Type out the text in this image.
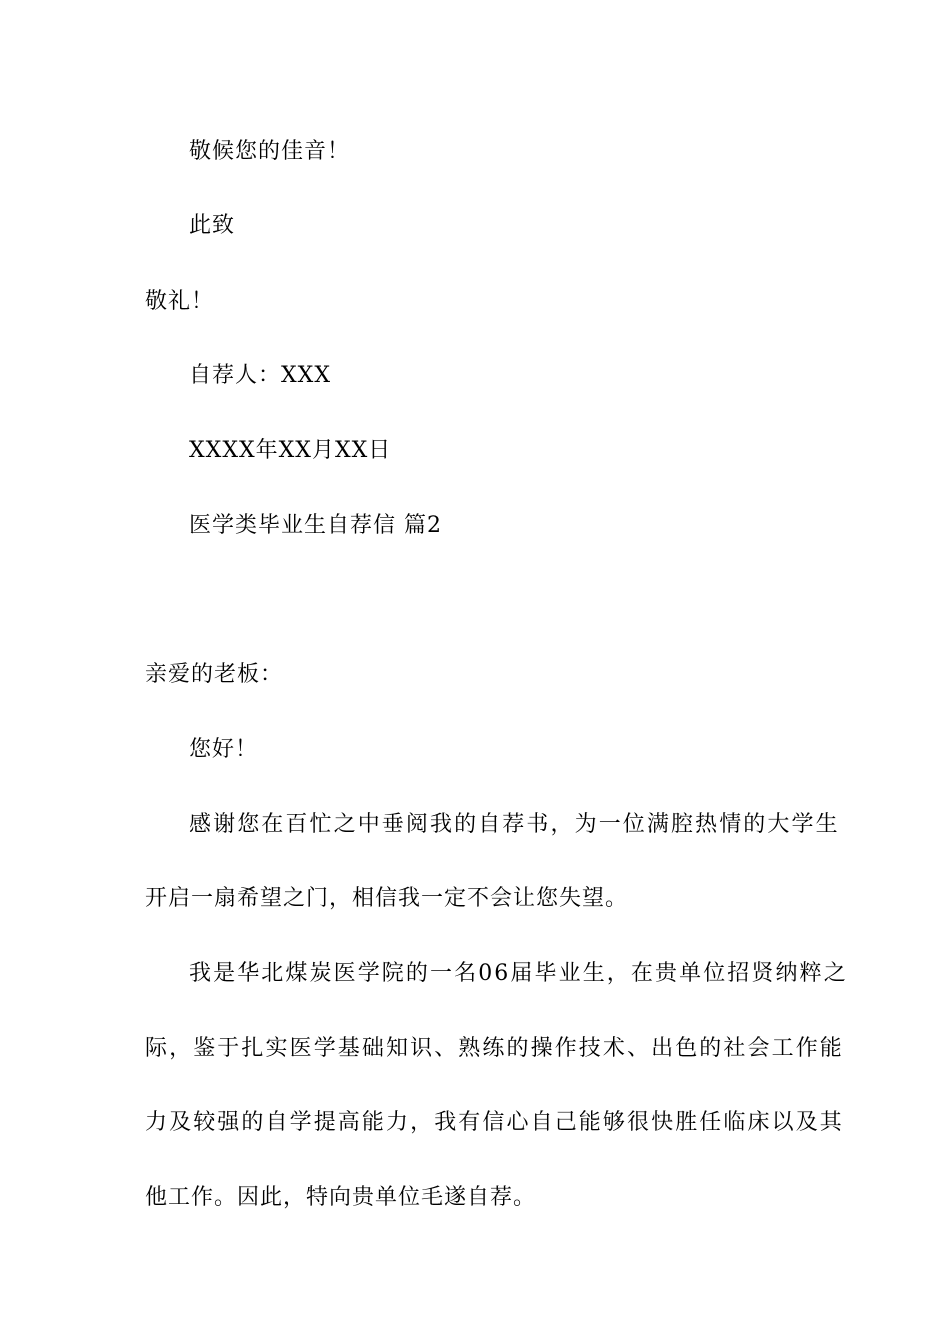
敬候您的佳音！
此致
敬礼！
自荐人：XXX
XXXX年XX月XX日
医学类毕业生自荐信 篇2
亲爱的老板：
您好！
感谢您在百忙之中垂阅我的自荐书，为一位满腔热情的大学生
开启一扇希望之门，相信我一定不会让您失望。
我是华北煤炭医学院的一名06届毕业生，在贵单位招贤纳粹之
际，鉴于扎实医学基础知识、熟练的操作技术、出色的社会工作能
力及较强的自学提高能力，我有信心自己能够很快胜任临床以及其
他工作。因此，特向贵单位毛遂自荐。
